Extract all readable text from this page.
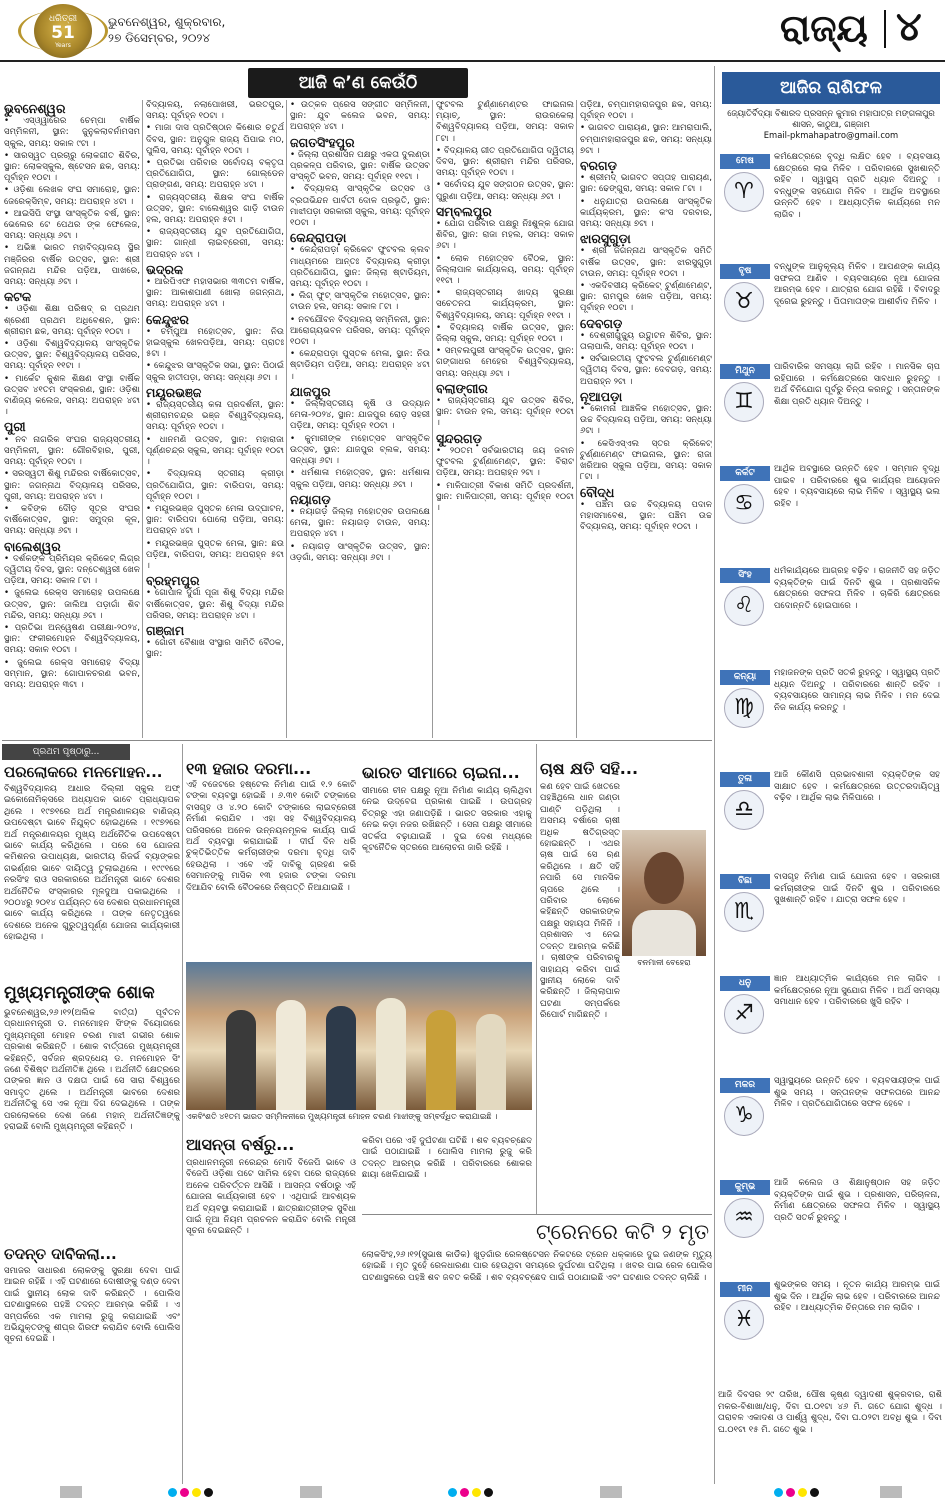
ଧରିତ୍ରୀ
51
Years
ଭୁବନେଶ୍ୱର, ଶୁକ୍ରବାର,
୨୭ ଡିସେମ୍ବର, ୨୦୨୪	ରାଜ୍ୟ ୪
ଆଜି କ’ଣ କେଉଁଠି
ଭୁବନେଶ୍ୱର

• ଏସ୍‌ଓ୍ୱାରେର ଚେମ୍ପା ବାର୍ଷିକ ସମ୍ମିଳନୀ, ସ୍ଥାନ: ଜୁନୁକଲାବର୍ନାମସମ ସ୍କୁଲ, ସମୟ: ସକାଳ ୯ଟା ।

• ସାରସ୍ୱତ ପ୍ରଚାରୁ ଲୋକଗୀତ ଶିବିର, ସ୍ଥାନ: ଲୋକସ୍କୁଲ, ଷ୍ଟେସନ ଛକ, ସମୟ: ପୂର୍ବାହ୍ନ ୧୦ଟା ।

• ଓଡ଼ିଶା ଲେଖକ ସଂଘ ସମାରୋହ, ସ୍ଥାନ: ଜେରେକ୍ସିମ୍ବ, ସମୟ: ଅପରାହ୍ନ ୪ଟା ।

• ଆଇସିପି ସଂସ୍ଥା ସାଂସ୍କୃତିକ ବର୍ଷ, ସ୍ଥାନ: ଭେଲେର ଟେ ପେଥର ଙ୍କ ଫେଲେଜ, ସମୟ: ସନ୍ଧ୍ୟା ୬ଟା ।

• ଅଭିଜ୍ଞ ଭାରତ ମହାବିଦ୍ୟାଳୟ ସ୍ଥିର ମଞ୍ଜିରର ବାର୍ଷିକ ଉତ୍ସବ, ସ୍ଥାନ: ଶ୍ରୀ ଜଗନ୍ନାଥ ମନ୍ଦିର ପଡ଼ିଆ, ପାଖରେ, ସମୟ: ସନ୍ଧ୍ୟା ୬ଟା ।

କଟକ

• ଓଡ଼ିଶା ଶିକ୍ଷା ପରିଷଦ୍‌ ର ପ୍ରଥମ ଶ୍ରେଣୀ ପ୍ରଥମ ଅଧିବେଶନ, ସ୍ଥାନ: ଶ୍ରୀରାମ ଛକ, ସମୟ: ପୂର୍ବାହ୍ନ ୧୦ଟା ।

• ଓଡ଼ିଶା ବିଶ୍ୱବିଦ୍ୟାଳୟ ସାଂସ୍କୃତିକ ଉତ୍ସବ, ସ୍ଥାନ: ବିଶ୍ୱବିଦ୍ୟାଳୟ ପରିସର, ସମୟ: ପୂର୍ବାହ୍ନ ୧୧ଟା ।

• ମାର୍କେଟ କୁଶଳ ଶିକ୍ଷଣ ସଂସ୍ଥା ବାର୍ଷିକ ଉତ୍ସବ ୪୧ତମ ସଂସ୍କରଣ, ସ୍ଥାନ: ଓଡ଼ିଶା ବାଣିଜ୍ୟ କଲେଜ, ସମୟ: ଅପରାହ୍ନ ୪ଟା ।

ପୁରୀ

• ନବ ନାଗରିକ ସଂଘର ରାଜ୍ୟସ୍ତରୀୟ ସମ୍ମିଳନୀ, ସ୍ଥାନ: ଗୌରବିହାର, ପୁରୀ, ସମୟ: ପୂର୍ବାହ୍ନ ୧୦ଟା ।

• ସରସ୍ୱତୀ ଶିଶୁ ମନ୍ଦିରର ବାର୍ଷିକୋତ୍ସବ, ସ୍ଥାନ: ଜଗନ୍ନାଥ ବିଦ୍ୟାଳୟ ପରିସର, ପୁରୀ, ସମୟ: ଅପରାହ୍ନ ୪ଟା ।

• କବିଙ୍କ ଦୌଡ଼ ସୂତ୍ର ସଂଘର ବାର୍ଷିକୋତ୍ସବ, ସ୍ଥାନ: ସମୁଦ୍ର କୂଳ, ସମୟ: ସନ୍ଧ୍ୟା ୬ଟା ।

ବାଲେଶ୍ୱର

• ଦର୍ଶକଙ୍କ ପ୍ରିମିୟର କ୍ରିକେଟ୍ ଲିଗ୍‌ର ଦ୍ୱିତୀୟ ଦିବସ, ସ୍ଥାନ: ଦନ୍ତେଶ୍ୱରୀ ଖେଳ ପଡ଼ିଆ, ସମୟ: ସକାଳ ୮ଟା ।

• ଜୁଲେଇ ରେକ୍ସ ସମାରୋହ ଉପଲକ୍ଷେ ଉତ୍ସବ, ସ୍ଥାନ: ଜାଲିଆ ପଡ଼ାଗାଁ ଶିବ ମନ୍ଦିର, ସମୟ: ସନ୍ଧ୍ୟା ୬ଟା ।

• ପ୍ରତିଭା ଅନ୍ୱେଷଣ ପରୀକ୍ଷା-୨୦୨୪, ସ୍ଥାନ: ଫକୀରମୋହନ ବିଶ୍ୱବିଦ୍ୟାଳୟ, ସମୟ: ସକାଳ ୧୦ଟା ।

• ଜୁଲେଇ ରେକ୍ସ ସମାରୋହ ବିଦ୍ୟା ସମ୍ମାନ, ସ୍ଥାନ: ଗୋପାଳଚରଣ ଭବନ, ସମୟ: ଅପରାହ୍ନ ୩ଟା ।

ବିଦ୍ୟାଳୟ, ନଲାପୋଖରୀ, ଭରତପୁର, ସମୟ: ପୂର୍ବାହ୍ନ ୧୦ଟା ।

• ମାଜା ଦାସ ପ୍ରତିଷ୍ଠାନ କିଶୋର ଚତୁର୍ଥ ଦିବସ, ସ୍ଥାନ: ଅନୁଗୁଳ ରାଜ୍ୟ ପିପାଇ ମଠ, ପୁଲିସ, ସମୟ: ପୂର୍ବାହ୍ନ ୧୦ଟା ।

• ପ୍ରତିଭା ପରିବାର ସର୍ବୋଦୟ ବକ୍ତୃତା ପ୍ରତିଯୋଗିତା, ସ୍ଥାନ: ଗୋଲ୍ଡେନ ପ୍ରାଙ୍ଗଣ, ସମୟ: ଅପରାହ୍ନ ୪ଟା ।

• ରାଜ୍ୟସ୍ତରୀୟ ଶିକ୍ଷକ ସଂଘ ବାର୍ଷିକ ଉତ୍ସବ, ସ୍ଥାନ: ବାଲେଶ୍ୱର ଗାଡ଼ି ଟାଉନ ହଲ, ସମୟ: ଅପରାହ୍ନ ୫ଟା ।

• ରାଜ୍ୟସ୍ତରୀୟ ଯୁବ ପ୍ରତିଯୋଗିତା, ସ୍ଥାନ: ଗାନ୍ଧୀ ଲାଇବ୍ରେରୀ, ସମୟ: ଅପରାହ୍ନ ୪ଟା ।

ଭଦ୍ରକ

• ଆରପିଏଫ ମହାସଭାର ୩୩ତମ ବାର୍ଷିକ, ସ୍ଥାନ: ଆକାଶପାଣୀ ଖୋଲା ଜଗନ୍ନାଥ, ସମୟ: ଅପରାହ୍ନ ୪ଟା ।

କେନ୍ଦୁଝର

• ଚମ୍ପୁଆ ମହୋତ୍ସବ, ସ୍ଥାନ: ନିଉ ହାଇସ୍କୁଲ ଖେଳପଡ଼ିଆ, ସମୟ: ପ୍ରାତଃ ୫ଟା ।

• କେନ୍ଦୁଝର ସାଂସ୍କୃତିକ ସଭା, ସ୍ଥାନ: ପିଠାଇଁ ସ୍କୁଲ ହାତୀପଡ଼ା, ସମୟ: ସନ୍ଧ୍ୟା ୬ଟା ।

ମୟୂରଭଞ୍ଜ

• ରାଜ୍ୟସ୍ତରୀୟ କଳା ପ୍ରଦର୍ଶନୀ, ସ୍ଥାନ: ଶ୍ରୀରାମଚନ୍ଦ୍ର ଭଞ୍ଜ ବିଶ୍ୱବିଦ୍ୟାଳୟ, ସମୟ: ପୂର୍ବାହ୍ନ ୧୦ଟା ।

• ଧାନମଣି ଉତ୍ସବ, ସ୍ଥାନ: ମହାରାଜା ପୂର୍ଣ୍ଣଚନ୍ଦ୍ର ସ୍କୁଲ, ସମୟ: ପୂର୍ବାହ୍ନ ୧୦ଟା ।

• ବିଦ୍ୟାଳୟ ସ୍ତରୀୟ କ୍ରୀଡ଼ା ପ୍ରତିଯୋଗିତା, ସ୍ଥାନ: ବାରିପଦା, ସମୟ: ପୂର୍ବାହ୍ନ ୧୦ଟା ।

• ମୟୂରଭଞ୍ଜ ପୁସ୍ତକ ମେଳା ଉଦ୍‌ଘାଟନ, ସ୍ଥାନ: ବାରିପଦା ପୋଲୋ ପଡ଼ିଆ, ସମୟ: ଅପରାହ୍ନ ୪ଟା ।

• ମୟୂରଭଞ୍ଜ ପୁସ୍ତକ ମେଳା, ସ୍ଥାନ: ଛଉ ପଡ଼ିଆ, ବାରିପଦା, ସମୟ: ଅପରାହ୍ନ ୫ଟା ।

ବ୍ରହ୍ମପୁର

• ଗୋପାଳ ଦୁର୍ଗା ପୂଜା ଶିଶୁ ବିଦ୍ୟା ମନ୍ଦିର ବାର୍ଷିକୋତ୍ସବ, ସ୍ଥାନ: ଶିଶୁ ବିଦ୍ୟା ମନ୍ଦିର ପରିସର, ସମୟ: ଅପରାହ୍ନ ୪ଟା ।

ଗଞ୍ଜାମ

• ଗୋଚୀ ବୈଶାଖ ସଂସ୍ଥାର ସାମିତି ବୈଠକ, ସ୍ଥାନ:

• ଉତ୍କଳ ପ୍ରେସ ସଙ୍ଗୀତ ସମ୍ମିଳନୀ, ସ୍ଥାନ: ଯୁବ କଲେଜ ଭବନ, ସମୟ: ଅପରାହ୍ନ ୪ଟା ।

ଜଗତସିଂହପୁର

• ଜିଲ୍ଲା ପ୍ରଶାସନ ପକ୍ଷରୁ ଏକତା ଦୁଲଣ୍ଡା ପ୍ରକଳ୍ପ ପରିବାର, ସ୍ଥାନ: ବାର୍ଷିକ ଉତ୍ସବ ସଂସ୍କୃତି ଭବନ, ସମୟ: ପୂର୍ବାହ୍ନ ୧୧ଟା ।

• ବିଦ୍ୟାଳୟ ସାଂସ୍କୃତିକ ଉତ୍ସବ ଓ ବ୍ରତାଭିନ୍ଦନ ପାର୍ବତୀ ଦୋଳ ପ୍ରଭୃତି, ସ୍ଥାନ: ମାଝୀପଡ଼ା ସରକାରୀ ସ୍କୁଲ, ସମୟ: ପୂର୍ବାହ୍ନ ୧୦ଟା ।

କେନ୍ଦ୍ରାପଡ଼ା

• କେନ୍ଦ୍ରାପଡ଼ା କ୍ରିକେଟ ଫୁଟବଲ କ୍ଲବ ମାଧ୍ୟମରେ ଆନ୍ତଃ ବିଦ୍ୟାଳୟ କ୍ରୀଡ଼ା ପ୍ରତିଯୋଗିତା, ସ୍ଥାନ: ଜିଲ୍ଲା ଷ୍ଟାଡିୟମ, ସମୟ: ପୂର୍ବାହ୍ନ ୧୦ଟା ।

• ଲିଗ୍ ଫୁଟ୍ ସାଂସ୍କୃତିକ ମହୋତ୍ସବ, ସ୍ଥାନ: ଟାଉନ ହଲ, ସମୟ: ସକାଳ ୮ଟା ।

• ନବଯୌବନ ବିଦ୍ୟାଳୟ ସମ୍ମିଳନୀ, ସ୍ଥାନ: ଆରୋଗ୍ୟଭବନ ପରିସର, ସମୟ: ପୂର୍ବାହ୍ନ ୧୦ଟା ।

• କେନ୍ଦ୍ରାପଡ଼ା ପୁସ୍ତକ ମେଳା, ସ୍ଥାନ: ନିଉ ଷ୍ଟାଡିୟମ ପଡ଼ିଆ, ସମୟ: ଅପରାହ୍ନ ୪ଟା ।

ଯାଜପୁର

• ଜିଲ୍ଲାସ୍ତରୀୟ କୃଷି ଓ ଉଦ୍ୟାନ ମେଳା-୨୦୨୪, ସ୍ଥାନ: ଯାଜପୁର ରୋଡ଼ ସହରୀ ପଡ଼ିଆ, ସମୟ: ପୂର୍ବାହ୍ନ ୧୦ଟା ।

• କୁମାରୀଙ୍କ ମହୋତ୍ସବ ସାଂସ୍କୃତିକ ଉତ୍ସବ, ସ୍ଥାନ: ଯାଜପୁର ବ୍ଲକ, ସମୟ: ସନ୍ଧ୍ୟା ୬ଟା ।

• ଧର୍ମଶାଳା ମହୋତ୍ସବ, ସ୍ଥାନ: ଧର୍ମଶାଳା ସ୍କୁଲ ପଡ଼ିଆ, ସମୟ: ସନ୍ଧ୍ୟା ୬ଟା ।

ନୟାଗଡ଼

• ନୟାଗଡ଼ ଜିଲ୍ଲା ମହୋତ୍ସବ ଉପଲକ୍ଷେ ମେଳା, ସ୍ଥାନ: ନୟାଗଡ଼ ଟାଉନ, ସମୟ: ଅପରାହ୍ନ ୪ଟା ।

• ନୟାଗଡ଼ ସାଂସ୍କୃତିକ ଉତ୍ସବ, ସ୍ଥାନ: ଓଡ଼ଗାଁ, ସମୟ: ସନ୍ଧ୍ୟା ୬ଟା ।

ଫୁଟବଲ ଟୁର୍ଣ୍ଣାମେଣ୍ଟର ଫାଇନାଲ ମ୍ୟାଚ୍, ସ୍ଥାନ: ରାଉରକେଲା ବିଶ୍ୱବିଦ୍ୟାଳୟ ପଡ଼ିଆ, ସମୟ: ସକାଳ ୮ଟା ।

• ବିଦ୍ୟାଳୟ ଗୀତ ପ୍ରତିଯୋଗିତା ଦ୍ୱିତୀୟ ଦିବସ, ସ୍ଥାନ: ଶ୍ରୀରାମ ମନ୍ଦିର ପରିସର, ସମୟ: ପୂର୍ବାହ୍ନ ୧୦ଟା ।

• ସର୍ବୋଦୟ ଯୁବ ସଙ୍ଗଠନ ଉତ୍ସବ, ସ୍ଥାନ: ପୁରୁଣା ପଡ଼ିଆ, ସମୟ: ସନ୍ଧ୍ୟା ୬ଟା ।

ସମ୍ବଲପୁର

• ଯୋଗ ପରିବାର ପକ୍ଷରୁ ନିଃଶୁଳ୍କ ଯୋଗ ଶିବିର, ସ୍ଥାନ: ରାଜା ମହଲ, ସମୟ: ସକାଳ ୬ଟା ।

• ଲୋକ ମହୋତ୍ସବ ବୈଠକ, ସ୍ଥାନ: ଜିଲ୍ଲାପାଳ କାର୍ଯ୍ୟାଳୟ, ସମୟ: ପୂର୍ବାହ୍ନ ୧୧ଟା ।

• ରାଜ୍ୟସ୍ତରୀୟ ଖାଦ୍ୟ ସୁରକ୍ଷା ସଚେତନତା କାର୍ଯ୍ୟକ୍ରମ, ସ୍ଥାନ: ବିଶ୍ୱବିଦ୍ୟାଳୟ, ସମୟ: ପୂର୍ବାହ୍ନ ୧୧ଟା ।

• ବିଦ୍ୟାଳୟ ବାର୍ଷିକ ଉତ୍ସବ, ସ୍ଥାନ: ଜିଲ୍ଲା ସ୍କୁଲ, ସମୟ: ପୂର୍ବାହ୍ନ ୧୦ଟା ।

• ସମ୍ବଲପୁରୀ ସାଂସ୍କୃତିକ ଉତ୍ସବ, ସ୍ଥାନ: ଗଙ୍ଗାଧର ମେହେର ବିଶ୍ୱବିଦ୍ୟାଳୟ, ସମୟ: ସନ୍ଧ୍ୟା ୬ଟା ।

ବଲାଙ୍ଗୀର

• ରାଜ୍ୟସ୍ତରୀୟ ଯୁବ ଉତ୍ସବ ଶିବିର, ସ୍ଥାନ: ଟାଉନ ହଲ, ସମୟ: ପୂର୍ବାହ୍ନ ୧୦ଟା ।

ସୁନ୍ଦରଗଡ଼

• ୨୦ତମ ସର୍ବଭାରତୀୟ ଜୟ ଜବାନ ଫୁଟବଲ ଟୁର୍ଣ୍ଣାମେଣ୍ଟ, ସ୍ଥାନ: ବିରାଟ ପଡ଼ିଆ, ସମୟ: ଅପରାହ୍ନ ୨ଟା ।

• ମାଳିପାତ୍ରୀ ବିକାଶ ସମିତି ପ୍ରଦର୍ଶନୀ, ସ୍ଥାନ: ମାଳିପାତ୍ରୀ, ସମୟ: ପୂର୍ବାହ୍ନ ୧୦ଟା ।

ପଡ଼ିଆ, ଚମ୍ପାମହାରାଜପୁର ଛକ, ସମୟ: ପୂର୍ବାହ୍ନ ୧୦ଟା ।

• ଭାଗବତ ପାରାୟଣ, ସ୍ଥାନ: ଆମରାପାଲି, ଚମ୍ପାମହାରାଜପୁର ଛକ, ସମୟ: ସନ୍ଧ୍ୟା ୭ଟା ।

ବରଗଡ଼

• ଶ୍ରୀମଦ୍ ଭାଗବତ ସପ୍ତାହ ପାରାୟଣ, ସ୍ଥାନ: ଢେଙ୍ଗୁରା, ସମୟ: ସକାଳ ୮ଟା ।

• ଧନୁଯାତ୍ରା ଉପଲକ୍ଷେ ସାଂସ୍କୃତିକ କାର୍ଯ୍ୟକ୍ରମ, ସ୍ଥାନ: କଂସ ଦରବାର, ସମୟ: ସନ୍ଧ୍ୟା ୭ଟା ।

ଝାରସୁଗୁଡ଼ା

• ଶ୍ରୀ ଜଗନ୍ନାଥ ସାଂସ୍କୃତିକ ସମିତି ବାର୍ଷିକ ଉତ୍ସବ, ସ୍ଥାନ: ଝାରସୁଗୁଡ଼ା ଟାଉନ, ସମୟ: ପୂର୍ବାହ୍ନ ୧୦ଟା ।

• ଏକଦିବସୀୟ କ୍ରିକେଟ୍ ଟୁର୍ଣ୍ଣାମେଣ୍ଟ, ସ୍ଥାନ: ରାମପୁର ଖେଳ ପଡ଼ିଆ, ସମୟ: ପୂର୍ବାହ୍ନ ୧୦ଟା ।

ଦେବଗଡ଼

• ଦେଶ୍ରୀଗୁଜ୍ୟୁ ଉଦ୍ଘାଟନ ଶିବିର, ସ୍ଥାନ: ତାଲାପାଲି, ସମୟ: ପୂର୍ବାହ୍ନ ୧୦ଟା ।

• ସର୍ବଭାରତୀୟ ଫୁଟବଲ ଟୁର୍ଣ୍ଣାମେଣ୍ଟ ଦ୍ୱିତୀୟ ଦିବସ, ସ୍ଥାନ: ଦେବଗଡ଼, ସମୟ: ଅପରାହ୍ନ ୨ଟା ।

ନୂଆପଡ଼ା

• କୋମନା ଆଞ୍ଚଳିକ ମହୋତ୍ସବ, ସ୍ଥାନ: ଉଚ୍ଚ ବିଦ୍ୟାଳୟ ପଡ଼ିଆ, ସମୟ: ସନ୍ଧ୍ୟା ୬ଟା ।

• କେସିଏସ୍‌ଏଲ ସ୍ତର କ୍ରିକେଟ୍ ଟୁର୍ଣ୍ଣାମେଣ୍ଟ ଫାଇନାଲ, ସ୍ଥାନ: ରାଜା ଖରିଆର ସ୍କୁଲ ପଡ଼ିଆ, ସମୟ: ସକାଳ ୮ଟା ।

ବୌଦ୍ଧ

• ପଞ୍ଚିମ ଉଚ୍ଚ ବିଦ୍ୟାଳୟ ପଦାଳ ମହାସମାବେଶ, ସ୍ଥାନ: ପଞ୍ଚିମ ଉଚ୍ଚ ବିଦ୍ୟାଳୟ, ସମୟ: ପୂର୍ବାହ୍ନ ୧୦ଟା ।

ଆଜିର ରାଶିଫଳ
ଜ୍ୟୋତିର୍ବିଦ୍ୟା ବିଶାରଦ ପ୍ରସନ୍ନ କୁମାର ମହାପାତ୍ର ମଙ୍ଗଳାପୁର ଶାସନ, କାଠୁଆ, ଗଞ୍ଜାମ
Email-pkmahapatro@gmail.com
ମେଷ
♈
କର୍ମକ୍ଷେତ୍ରରେ ବୃଦ୍ଧି ଲକ୍ଷିତ ହେବ । ବ୍ୟବସାୟ କ୍ଷେତ୍ରରେ ଲାଭ ମିଳିବ । ପରିବାରରେ ସୁଖଶାନ୍ତି ରହିବ । ସ୍ୱାସ୍ଥ୍ୟ ପ୍ରତି ଧ୍ୟାନ ଦିଅନ୍ତୁ । ବନ୍ଧୁଙ୍କ ସହଯୋଗ ମିଳିବ । ଆର୍ଥିକ ଅବସ୍ଥାରେ ଉନ୍ନତି ହେବ । ଆଧ୍ୟାତ୍ମିକ କାର୍ଯ୍ୟରେ ମନ ଲାଗିବ ।
ବୃଷ
♉
ବନ୍ଧୁଙ୍କ ଆନୁକୂଲ୍ୟ ମିଳିବ । ଆପଣଙ୍କ କାର୍ଯ୍ୟ ସଫଳତା ଆଣିବ । ବ୍ୟବସାୟରେ ନୂଆ ଯୋଜନା ଆରମ୍ଭ ହେବ । ଯାତ୍ରାର ଯୋଗ ରହିଛି । ବିବାଦରୁ ଦୂରେଇ ରୁହନ୍ତୁ । ପିତାମାତାଙ୍କ ଆଶୀର୍ବାଦ ମିଳିବ ।
ମିଥୁନ
♊
ପାରିବାରିକ ସମସ୍ୟା ଲାଗି ରହିବ । ମାନସିକ ଚାପ ରହିପାରେ । କର୍ମକ୍ଷେତ୍ରରେ ସାବଧାନ ରୁହନ୍ତୁ । ଅର୍ଥ ବିନିଯୋଗ ପୂର୍ବରୁ ଚିନ୍ତା କରନ୍ତୁ । ସନ୍ତାନଙ୍କ ଶିକ୍ଷା ପ୍ରତି ଧ୍ୟାନ ଦିଅନ୍ତୁ ।
କର୍କଟ
♋
ଆର୍ଥିକ ଅବସ୍ଥାରେ ଉନ୍ନତି ହେବ । ସମ୍ମାନ ବୃଦ୍ଧି ପାଇବ । ପରିବାରରେ ଶୁଭ କାର୍ଯ୍ୟର ଆୟୋଜନ ହେବ । ବ୍ୟବସାୟରେ ଲାଭ ମିଳିବ । ସ୍ୱାସ୍ଥ୍ୟ ଭଲ ରହିବ ।
ସିଂହ
♌
ଧର୍ମକାର୍ଯ୍ୟରେ ଆଗ୍ରହ ବଢ଼ିବ । ରାଜନୀତି ସହ ଜଡ଼ିତ ବ୍ୟକ୍ତିଙ୍କ ପାଇଁ ଦିନଟି ଶୁଭ । ପ୍ରଶାସନିକ କ୍ଷେତ୍ରରେ ସଫଳତା ମିଳିବ । ଚାକିରି କ୍ଷେତ୍ରରେ ପଦୋନ୍ନତି ହୋଇପାରେ ।
କନ୍ୟା
♍
ମହାଜନଙ୍କ ପ୍ରତି ସତର୍କ ରୁହନ୍ତୁ । ସ୍ୱାସ୍ଥ୍ୟ ପ୍ରତି ଧ୍ୟାନ ଦିଅନ୍ତୁ । ପରିବାରରେ ଶାନ୍ତି ରହିବ । ବ୍ୟବସାୟରେ ସାମାନ୍ୟ ଲାଭ ମିଳିବ । ମନ ଦେଇ ନିଜ କାର୍ଯ୍ୟ କରନ୍ତୁ ।
ତୁଳା
♎
ଆଜି କୌଣସି ପ୍ରଭାବଶାଳୀ ବ୍ୟକ୍ତିଙ୍କ ସହ ସାକ୍ଷାତ ହେବ । କର୍ମକ୍ଷେତ୍ରରେ ଉତ୍ତରଦାୟିତ୍ୱ ବଢ଼ିବ । ଆର୍ଥିକ ଲାଭ ମିଳିପାରେ ।
ବିଛା
♏
ବାସଗୃହ ନିର୍ମାଣ ପାଇଁ ଯୋଜନା ହେବ । ସରକାରୀ କର୍ମଚାରୀଙ୍କ ପାଇଁ ଦିନଟି ଶୁଭ । ପରିବାରରେ ସୁଖଶାନ୍ତି ରହିବ । ଯାତ୍ରା ସଫଳ ହେବ ।
ଧନୁ
♐
ଜ୍ଞାନ ଆଧ୍ୟାତ୍ମିକ କାର୍ଯ୍ୟରେ ମନ ଲାଗିବ । କର୍ମକ୍ଷେତ୍ରରେ ନୂଆ ସୁଯୋଗ ମିଳିବ । ଅର୍ଥ ସମସ୍ୟା ସମାଧାନ ହେବ । ପରିବାରରେ ଖୁସି ରହିବ ।
ମକର
♑
ସ୍ୱାସ୍ଥ୍ୟରେ ଉନ୍ନତି ହେବ । ବ୍ୟବସାୟୀଙ୍କ ପାଇଁ ଶୁଭ ସମୟ । ସନ୍ତାନଙ୍କ ସଫଳତାରେ ଆନନ୍ଦ ମିଳିବ । ପ୍ରତିଯୋଗିତାରେ ସଫଳ ହେବେ ।
କୁମ୍ଭ
♒
ଆଜି କଲେଜ ଓ ଶିକ୍ଷାନୁଷ୍ଠାନ ସହ ଜଡ଼ିତ ବ୍ୟକ୍ତିଙ୍କ ପାଇଁ ଶୁଭ । ପ୍ରଶାସନ, ପରିଚାଳନା, ନିର୍ମାଣ କ୍ଷେତ୍ରରେ ସଫଳତା ମିଳିବ । ସ୍ୱାସ୍ଥ୍ୟ ପ୍ରତି ସତର୍କ ରୁହନ୍ତୁ ।
ମୀନ
♓
ଶୁଭଙ୍କର ସମୟ । ନୂତନ କାର୍ଯ୍ୟ ଆରମ୍ଭ ପାଇଁ ଶୁଭ ଦିନ । ଆର୍ଥିକ ଲାଭ ହେବ । ପରିବାରରେ ଆନନ୍ଦ ରହିବ । ଆଧ୍ୟାତ୍ମିକ ଚିନ୍ତାରେ ମନ ଲାଗିବ ।
ଆଜି ଦିବସର ୨୯ ତାରିଖ, ପୌଷ କୃଷ୍ଣ ଦ୍ୱାଦଶୀ ଶୁକ୍ରବାର, ରାଶି ମକର-ବିଶାଖା/ଧନୁ, ଦିବା ଘ.୦୧ଟା ୪୬ ମି. ଗତେ ଯୋଗ ଶୁଦ୍ଧ । ତାରାବଳ ଏକାଦଶ ଓ ପାର୍ଶ୍ୱ ଶୁଦ୍ଧ, ଦିବା ଘ.୦୨ଟା ଅବଧି ଶୁଭ । ଦିବା ଘ.୦୧ଟା ୧୫ ମି. ଗତେ ଶୁଭ ।
ପ୍ରଥମ ପୃଷ୍ଠାରୁ...
ପରଲୋକରେ ମନମୋହନ...
ବିଶ୍ୱବିଦ୍ୟାଳୟ ଆଧାର ଦିଲ୍ଲୀ ସ୍କୁଲ ଅଫ୍ ଇକୋନୋମିକ୍ସରେ ଅଧ୍ୟାପକ ଭାବେ ପ୍ରାଧ୍ୟାପକ ଥିଲେ । ୧୯୭୧ରେ ଅର୍ଥ ମନ୍ତ୍ରଣାଳୟର ବାଣିଜ୍ୟ ଉପଦେଷ୍ଟା ଭାବେ ନିଯୁକ୍ତ ହୋଇଥିଲେ । ୧୯୭୨ରେ ଅର୍ଥ ମନ୍ତ୍ରଣାଳୟର ମୁଖ୍ୟ ଅର୍ଥନୈତିକ ଉପଦେଷ୍ଟା ଭାବେ କାର୍ଯ୍ୟ କରିଥିଲେ । ପରେ ସେ ଯୋଜନା କମିଶନର ଉପାଧ୍ୟକ୍ଷ, ଭାରତୀୟ ରିଜର୍ଭ ବ୍ୟାଙ୍କର ଗଭର୍ଣ୍ଣର ଭାବେ ଦାୟିତ୍ୱ ତୁଲାଇଥିଲେ । ୧୯୯୧ରେ ନରସିଂହ ରାଓ ସରକାରରେ ଅର୍ଥମନ୍ତ୍ରୀ ଭାବେ ଦେଶର ଅର୍ଥନୈତିକ ସଂସ୍କାରର ମୂଳଦୁଆ ପକାଇଥିଲେ । ୨୦୦୪ରୁ ୨୦୧୪ ପର୍ଯ୍ୟନ୍ତ ସେ ଦେଶର ପ୍ରଧାନମନ୍ତ୍ରୀ ଭାବେ କାର୍ଯ୍ୟ କରିଥିଲେ । ତାଙ୍କ ନେତୃତ୍ୱରେ ଦେଶରେ ଅନେକ ଗୁରୁତ୍ୱପୂର୍ଣ୍ଣ ଯୋଜନା କାର୍ଯ୍ୟକାରୀ ହୋଇଥିଲା ।
ମୁଖ୍ୟମନ୍ତ୍ରୀଙ୍କ ଶୋକ
ଭୁବନେଶ୍ୱର,୨୬।୧୨(ଅଲିକ ବାର୍ତ୍ତା) ପୂର୍ବତନ ପ୍ରଧାନମନ୍ତ୍ରୀ ଡ. ମନମୋହନ ସିଂଙ୍କ ବିୟୋଗରେ ମୁଖ୍ୟମନ୍ତ୍ରୀ ମୋହନ ଚରଣ ମାଝୀ ଗଭୀର ଶୋକ ପ୍ରକାଶ କରିଛନ୍ତି । ଶୋକ ବାର୍ତ୍ତାରେ ମୁଖ୍ୟମନ୍ତ୍ରୀ କହିଛନ୍ତି, ସର୍ବଜନ ଶ୍ରଦ୍ଧେୟ ଡ. ମନମୋହନ ସିଂ ଜଣେ ବିଶିଷ୍ଟ ଅର୍ଥନୀତିଜ୍ଞ ଥିଲେ । ଅର୍ଥନୀତି କ୍ଷେତ୍ରରେ ତାଙ୍କର ଜ୍ଞାନ ଓ ଦକ୍ଷତା ପାଇଁ ସେ ସାରା ବିଶ୍ୱରେ ସମାଦୃତ ଥିଲେ । ଅର୍ଥମନ୍ତ୍ରୀ ଭାବରେ ଦେଶର ଅର୍ଥନୀତିକୁ ସେ ଏକ ନୂଆ ଦିଗ ଦେଇଥିଲେ । ତାଙ୍କ ପରଲୋକରେ ଦେଶ ଜଣେ ମହାନ୍ ଅର୍ଥନୀତିଜ୍ଞଙ୍କୁ ହରାଇଛି ବୋଲି ମୁଖ୍ୟମନ୍ତ୍ରୀ କହିଛନ୍ତି ।
ତଦନ୍ତ ଦାବିକଲା...
ସମାଜର ସାଧାରଣ ଲୋକଙ୍କୁ ସୁରକ୍ଷା ଦେବା ପାଇଁ ଆଇନ ରହିଛି । ଏହି ଘଟଣାରେ ଦୋଷୀଙ୍କୁ ଦଣ୍ଡ ଦେବା ପାଇଁ ସ୍ଥାନୀୟ ଲୋକ ଦାବି କରିଛନ୍ତି । ପୋଲିସ ଘଟଣାସ୍ଥଳରେ ପହଞ୍ଚି ତଦନ୍ତ ଆରମ୍ଭ କରିଛି । ଏ ସମ୍ପର୍କରେ ଏକ ମାମଲା ରୁଜୁ କରାଯାଇଛି ଏବଂ ଅଭିଯୁକ୍ତଙ୍କୁ ଶୀଘ୍ର ଗିରଫ କରାଯିବ ବୋଲି ପୋଲିସ ସୂଚନା ଦେଇଛି ।
୧୩ ହଜାର ଦରମା...
ଏହି ବଜେଟରେ ହଷ୍ଟେଲ ନିର୍ମାଣ ପାଇଁ ୧.୨ କୋଟି ଟଙ୍କା ବ୍ୟବସ୍ଥା ହୋଇଛି । ୬.୩୧ କୋଟି ଟଙ୍କାରେ ବାସଗୃହ ଓ ୪.୨୦ କୋଟି ଟଙ୍କାରେ ଲାଇବ୍ରେରୀ ନିର୍ମାଣ କରାଯିବ । ଏହା ସହ ବିଶ୍ୱବିଦ୍ୟାଳୟ ପରିସରରେ ଅନେକ ଉନ୍ନୟନମୂଳକ କାର୍ଯ୍ୟ ପାଇଁ ଅର୍ଥ ବ୍ୟବସ୍ଥା କରାଯାଇଛି । ଦୀର୍ଘ ଦିନ ଧରି ଚୁକ୍ତିଭିତ୍ତିକ କର୍ମଚାରୀଙ୍କ ଦରମା ବୃଦ୍ଧି ଦାବି ହେଉଥିଲା । ଏବେ ଏହି ଦାବିକୁ ଗ୍ରହଣ କରି ସେମାନଙ୍କୁ ମାସିକ ୧୩ ହଜାର ଟଙ୍କା ଦରମା ଦିଆଯିବ ବୋଲି ବୈଠକରେ ନିଷ୍ପତ୍ତି ନିଆଯାଇଛି ।
ଭାରତ ସୀମାରେ ଚାଇନା...
ସୀମାରେ ଚୀନ ପକ୍ଷରୁ ନୂଆ ନିର୍ମାଣ କାର୍ଯ୍ୟ ଚାଲିଥିବା ନେଇ ଉଦ୍‌ବେଗ ପ୍ରକାଶ ପାଇଛି । ଉପଗ୍ରହ ଚିତ୍ରରୁ ଏହା ଜଣାପଡ଼ିଛି । ଭାରତ ସରକାର ଏହାକୁ ନେଇ କଡ଼ା ନଜର ରଖିଛନ୍ତି । ସେନା ପକ୍ଷରୁ ସୀମାରେ ସତର୍କତା ବଢ଼ାଯାଇଛି । ଦୁଇ ଦେଶ ମଧ୍ୟରେ କୂଟନୈତିକ ସ୍ତରରେ ଆଲୋଚନା ଜାରି ରହିଛି ।
ଏକବିଂଶତି ୪୧ତମ ଭାରତ ସମ୍ମିଳନୀରେ ମୁଖ୍ୟମନ୍ତ୍ରୀ ମୋହନ ଚରଣ ମାଝୀଙ୍କୁ ସମ୍ବର୍ଦ୍ଧିତ କରାଯାଇଛି ।
ଆସନ୍ତା ବର୍ଷରୁ...
ପ୍ରଧାନମନ୍ତ୍ରୀ ନରେନ୍ଦ୍ର ମୋଦି ବିଜେପି ଭାବେ ଓ ବିଜେପି ଓଡ଼ିଶା ପଟେ ସାମିଲ ହେବା ପରେ ରାଜ୍ୟରେ ଅନେକ ପରିବର୍ତ୍ତନ ଆସିଛି । ଆସନ୍ତା ବର୍ଷଠାରୁ ଏହି ଯୋଜନା କାର୍ଯ୍ୟକାରୀ ହେବ । ଏଥିପାଇଁ ଆବଶ୍ୟକ ଅର୍ଥ ବ୍ୟବସ୍ଥା କରାଯାଇଛି । ଛାତ୍ରଛାତ୍ରୀଙ୍କ ସୁବିଧା ପାଇଁ ନୂଆ ନିୟମ ପ୍ରଚଳନ କରାଯିବ ବୋଲି ମନ୍ତ୍ରୀ ସୂଚନା ଦେଇଛନ୍ତି ।
କରିବା ପରେ ଏହି ଦୁର୍ଘଟଣା ଘଟିଛି । ଶବ ବ୍ୟବଚ୍ଛେଦ ପାଇଁ ପଠାଯାଇଛି । ପୋଲିସ ମାମଲା ରୁଜୁ କରି ତଦନ୍ତ ଆରମ୍ଭ କରିଛି । ପରିବାରରେ ଶୋକର ଛାୟା ଖେଳିଯାଇଛି ।
ଚାଷ କ୍ଷତି ସହି...
କଣ ହେବ ପାଇଁ ଖେତରେ ପହଞ୍ଚିଥିଲେ ଧାନ ଗଣ୍ଡା ଘାଣ୍ଟି ପଡ଼ିଥିଲା । ଅସମୟ ବର୍ଷାରେ ଚାଷୀ ଅଧିକ ଷତିଗ୍ରସ୍ତ ହୋଇଛନ୍ତି । ଏଥର ଚାଷ ପାଇଁ ସେ ଋଣ କରିଥିଲେ । କ୍ଷତି ସହି ନପାରି ସେ ମାନସିକ ଚାପରେ ଥିଲେ । ପରିବାର ଲୋକେ କହିଛନ୍ତି ସରକାରଙ୍କ ପକ୍ଷରୁ ସହାୟତା ମିଳିନି । ପ୍ରଶାସନ ଏ ନେଇ ତଦନ୍ତ ଆରମ୍ଭ କରିଛି । ଚାଷୀଙ୍କ ପରିବାରକୁ ସାହାଯ୍ୟ କରିବା ପାଇଁ ସ୍ଥାନୀୟ ଲୋକେ ଦାବି କରିଛନ୍ତି । ଜିଲ୍ଲାପାଳ ଘଟଣା ସମ୍ପର୍କରେ ରିପୋର୍ଟ ମାଗିଛନ୍ତି ।
ବନମାଳୀ ବେହେରା
ଟ୍ରେନରେ କଟି ୨ ମୃତ
ଲୋକସିଂହ,୨୬।୧୨(ସୁଭାଷ କାର୍ଡିକ) ଖୁଡ଼ଗାଁର ରେଳଷ୍ଟେସନ ନିକଟରେ ଟ୍ରେନ ଧକ୍କାରେ ଦୁଇ ଜଣଙ୍କ ମୃତ୍ୟୁ ହୋଇଛି । ମୃତ ଦୁହେଁ ରେଳଧାରଣା ପାର ହେଉଥିବା ସମୟରେ ଦୁର୍ଘଟଣା ଘଟିଥିଲା । ଖବର ପାଇ ରେଳ ପୋଲିସ ଘଟଣାସ୍ଥଳରେ ପହଞ୍ଚି ଶବ ଜବତ କରିଛି । ଶବ ବ୍ୟବଚ୍ଛେଦ ପାଇଁ ପଠାଯାଇଛି ଏବଂ ଘଟଣାର ତଦନ୍ତ ଚାଲିଛି ।
